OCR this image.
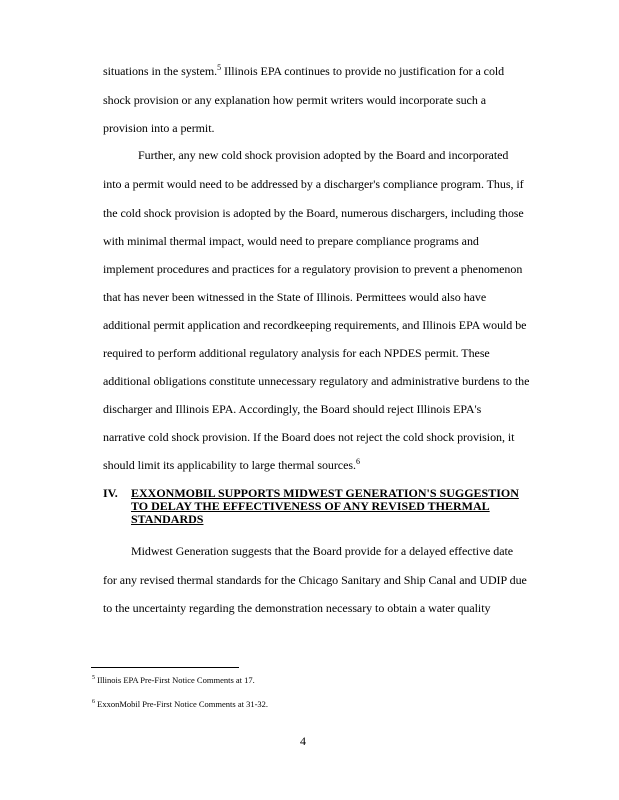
situations in the system.$^5$ Illinois EPA continues to provide no justification for a cold
shock provision or any explanation how permit writers would incorporate such a
provision into a permit.
Further, any new cold shock provision adopted by the Board and incorporated
into a permit would need to be addressed by a discharger's compliance program. Thus, if
the cold shock provision is adopted by the Board, numerous dischargers, including those
with minimal thermal impact, would need to prepare compliance programs and
implement procedures and practices for a regulatory provision to prevent a phenomenon
that has never been witnessed in the State of Illinois. Permittees would also have
additional permit application and recordkeeping requirements, and Illinois EPA would be
required to perform additional regulatory analysis for each NPDES permit. These
additional obligations constitute unnecessary regulatory and administrative burdens to the
discharger and Illinois EPA. Accordingly, the Board should reject Illinois EPA's
narrative cold shock provision. If the Board does not reject the cold shock provision, it
should limit its applicability to large thermal sources.$^6$
IV. EXXONMOBIL SUPPORTS MIDWEST GENERATION'S SUGGESTION
TO DELAY THE EFFECTIVENESS OF ANY REVISED THERMAL
STANDARDS
Midwest Generation suggests that the Board provide for a delayed effective date
for any revised thermal standards for the Chicago Sanitary and Ship Canal and UDIP due
to the uncertainty regarding the demonstration necessary to obtain a water quality
$^5$ Illinois EPA Pre-First Notice Comments at 17.
$^6$ ExxonMobil Pre-First Notice Comments at 31-32.
4
